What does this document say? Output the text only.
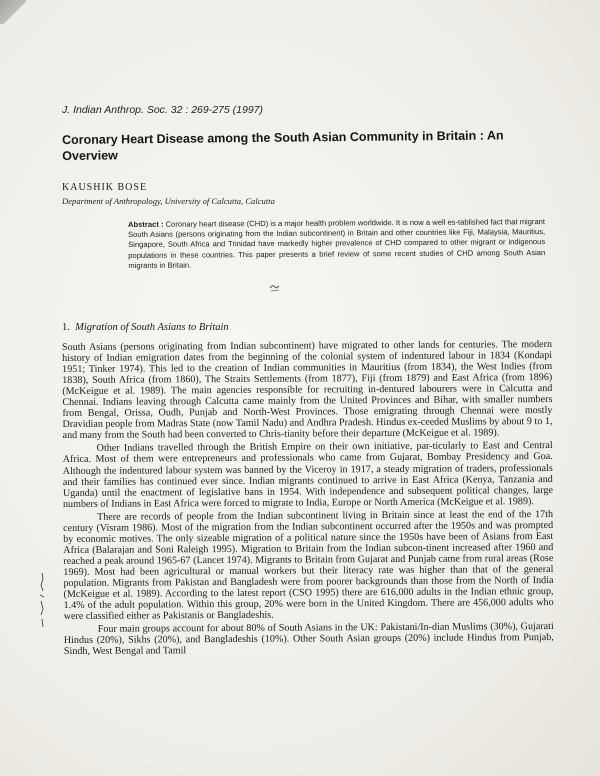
J. Indian Anthrop. Soc. 32 : 269-275 (1997)
Coronary Heart Disease among the South Asian Community in Britain : An Overview
KAUSHIK BOSE
Department of Anthropology, University of Calcutta, Calcutta
Abstract : Coronary heart disease (CHD) is a major health problem worldwide. It is now a well es-tablished fact that migrant South Asians (persons originating from the Indian subcontinent) in Britain and other countries like Fiji, Malaysia, Mauritius, Singapore, South Africa and Trinidad have markedly higher prevalence of CHD compared to other migrant or indigenous populations in these countries. This paper presents a brief review of some recent studies of CHD among South Asian migrants in Britain.
1. Migration of South Asians to Britain

South Asians (persons originating from Indian subcontinent) have migrated to other lands for centuries. The modern history of Indian emigration dates from the beginning of the colonial system of indentured labour in 1834 (Kondapi 1951; Tinker 1974). This led to the creation of Indian communities in Mauritius (from 1834), the West Indies (from 1838), South Africa (from 1860), The Straits Settlements (from 1877), Fiji (from 1879) and East Africa (from 1896) (McKeigue et al. 1989). The main agencies responsible for recruiting in-dentured labourers were in Calcutta and Chennai. Indians leaving through Calcutta came mainly from the United Provinces and Bihar, with smaller numbers from Bengal, Orissa, Oudh, Punjab and North-West Provinces. Those emigrating through Chennai were mostly Dravidian people from Madras State (now Tamil Nadu) and Andhra Pradesh. Hindus ex-ceeded Muslims by about 9 to 1, and many from the South had been converted to Chris-tianity before their departure (McKeigue et al. 1989).

Other Indians travelled through the British Empire on their own initiative, par-ticularly to East and Central Africa. Most of them were entrepreneurs and professionals who came from Gujarat, Bombay Presidency and Goa. Although the indentured labour system was banned by the Viceroy in 1917, a steady migration of traders, professionals and their families has continued ever since. Indian migrants continued to arrive in East Africa (Kenya, Tanzania and Uganda) until the enactment of legislative bans in 1954. With independence and subsequent political changes, large numbers of Indians in East Africa were forced to migrate to India, Europe or North America (McKeigue et al. 1989).

There are records of people from the Indian subcontinent living in Britain since at least the end of the 17th century (Visram 1986). Most of the migration from the Indian subcontinent occurred after the 1950s and was prompted by economic motives. The only sizeable migration of a political nature since the 1950s have been of Asians from East Africa (Balarajan and Soni Raleigh 1995). Migration to Britain from the Indian subcon-tinent increased after 1960 and reached a peak around 1965-67 (Lancet 1974). Migrants to Britain from Gujarat and Punjab came from rural areas (Rose 1969). Most had been agricultural or manual workers but their literacy rate was higher than that of the general population. Migrants from Pakistan and Bangladesh were from poorer backgrounds than those from the North of India (McKeigue et al. 1989). According to the latest report (CSO 1995) there are 616,000 adults in the Indian ethnic group, 1.4% of the adult population. Within this group, 20% were born in the United Kingdom. There are 456,000 adults who were classified either as Pakistanis or Bangladeshis.

Four main groups account for about 80% of South Asians in the UK: Pakistani/In-dian Muslims (30%), Gujarati Hindus (20%), Sikhs (20%), and Bangladeshis (10%). Other South Asian groups (20%) include Hindus from Punjab, Sindh, West Bengal and Tamil
